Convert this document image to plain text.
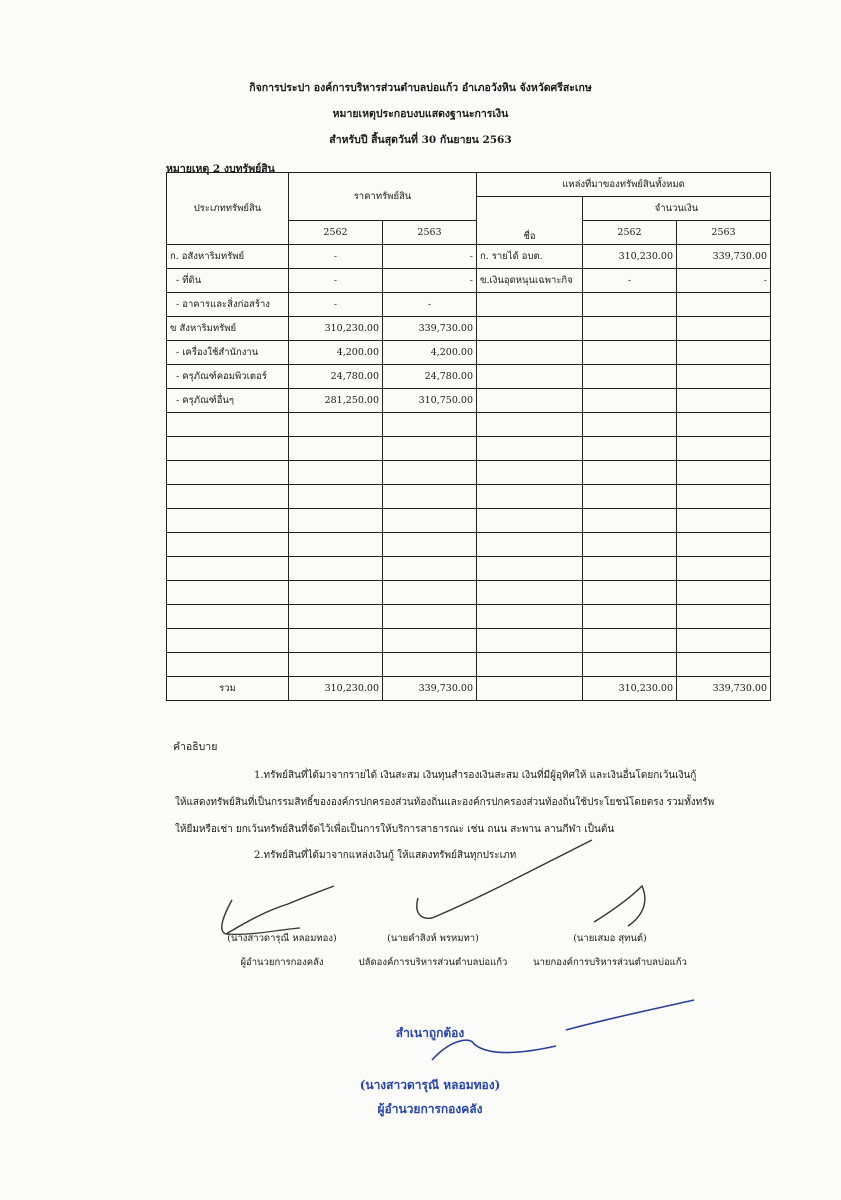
กิจการประปา องค์การบริหารส่วนตำบลบ่อแก้ว อำเภอวังหิน จังหวัดศรีสะเกษ
หมายเหตุประกอบงบแสดงฐานะการเงิน
สำหรับปี สิ้นสุดวันที่ 30 กันยายน 2563
หมายเหตุ 2 งบทรัพย์สิน
ประเภททรัพย์สิน	ราคาทรัพย์สิน		แหล่งที่มาของทรัพย์สินทั้งหมด		
			ชื่อ	จำนวนเงิน	
	2562	2563		2562	2563
ก. อสังหาริมทรัพย์	-	-	ก. รายได้ อบต.	310,230.00	339,730.00
- ที่ดิน	-	-	ข.เงินอุดหนุนเฉพาะกิจ	-	-
- อาคารและสิ่งก่อสร้าง	-	-			
ข สังหาริมทรัพย์	310,230.00	339,730.00			
- เครื่องใช้สำนักงาน	4,200.00	4,200.00			
- ครุภัณฑ์คอมพิวเตอร์	24,780.00	24,780.00			
- ครุภัณฑ์อื่นๆ	281,250.00	310,750.00			

รวม	310,230.00	339,730.00		310,230.00	339,730.00
คำอธิบาย
1.ทรัพย์สินที่ได้มาจากรายได้ เงินสะสม เงินทุนสำรองเงินสะสม เงินที่มีผู้อุทิศให้ และเงินอื่นโดยกเว้นเงินกู้
ให้แสดงทรัพย์สินที่เป็นกรรมสิทธิ์ขององค์กรปกครองส่วนท้องถิ่นและองค์กรปกครองส่วนท้องถิ่นใช้ประโยชน์โดยตรง รวมทั้งทรัพ
ให้ยืมหรือเช่า ยกเว้นทรัพย์สินที่จัดไว้เพื่อเป็นการให้บริการสาธารณะ เช่น ถนน สะพาน ลานกีฬา เป็นต้น
2.ทรัพย์สินที่ได้มาจากแหล่งเงินกู้ ให้แสดงทรัพย์สินทุกประเภท
(นางสาวดารุณี หลอมทอง)
ผู้อำนวยการกองคลัง
(นายคำสิงห์ พรหมทา)
ปลัดองค์การบริหารส่วนตำบลบ่อแก้ว
(นายเสมอ สุทนต์)
นายกองค์การบริหารส่วนตำบลบ่อแก้ว
สำเนาถูกต้อง
(นางสาวดารุณี หลอมทอง)
ผู้อำนวยการกองคลัง
